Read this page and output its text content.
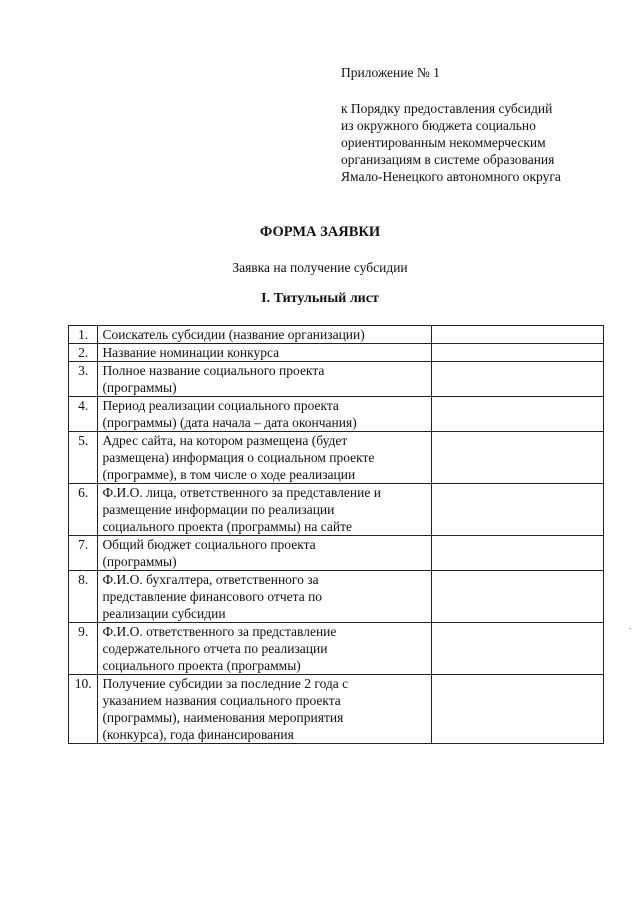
Приложение № 1
к Порядку предоставления субсидий
из окружного бюджета социально
ориентированным некоммерческим
организациям в системе образования
Ямало-Ненецкого автономного округа
ФОРМА ЗАЯВКИ
Заявка на получение субсидии
I. Титульный лист
1.	Соискатель субсидии (название организации)	

2.	Название номинации конкурса	

3.	Полное название социального проекта
(программы)	

4.	Период реализации социального проекта
(программы) (дата начала – дата окончания)	

5.	Адрес сайта, на котором размещена (будет
размещена) информация о социальном проекте
(программе), в том числе о ходе реализации	

6.	Ф.И.О. лица, ответственного за представление и
размещение информации по реализации
социального проекта (программы) на сайте	

7.	Общий бюджет социального проекта
(программы)	

8.	Ф.И.О. бухгалтера, ответственного за
представление финансового отчета по
реализации субсидии	

9.	Ф.И.О. ответственного за представление
содержательного отчета по реализации
социального проекта (программы)	

10.	Получение субсидии за последние 2 года с
указанием названия социального проекта
(программы), наименования мероприятия
(конкурса), года финансирования	
